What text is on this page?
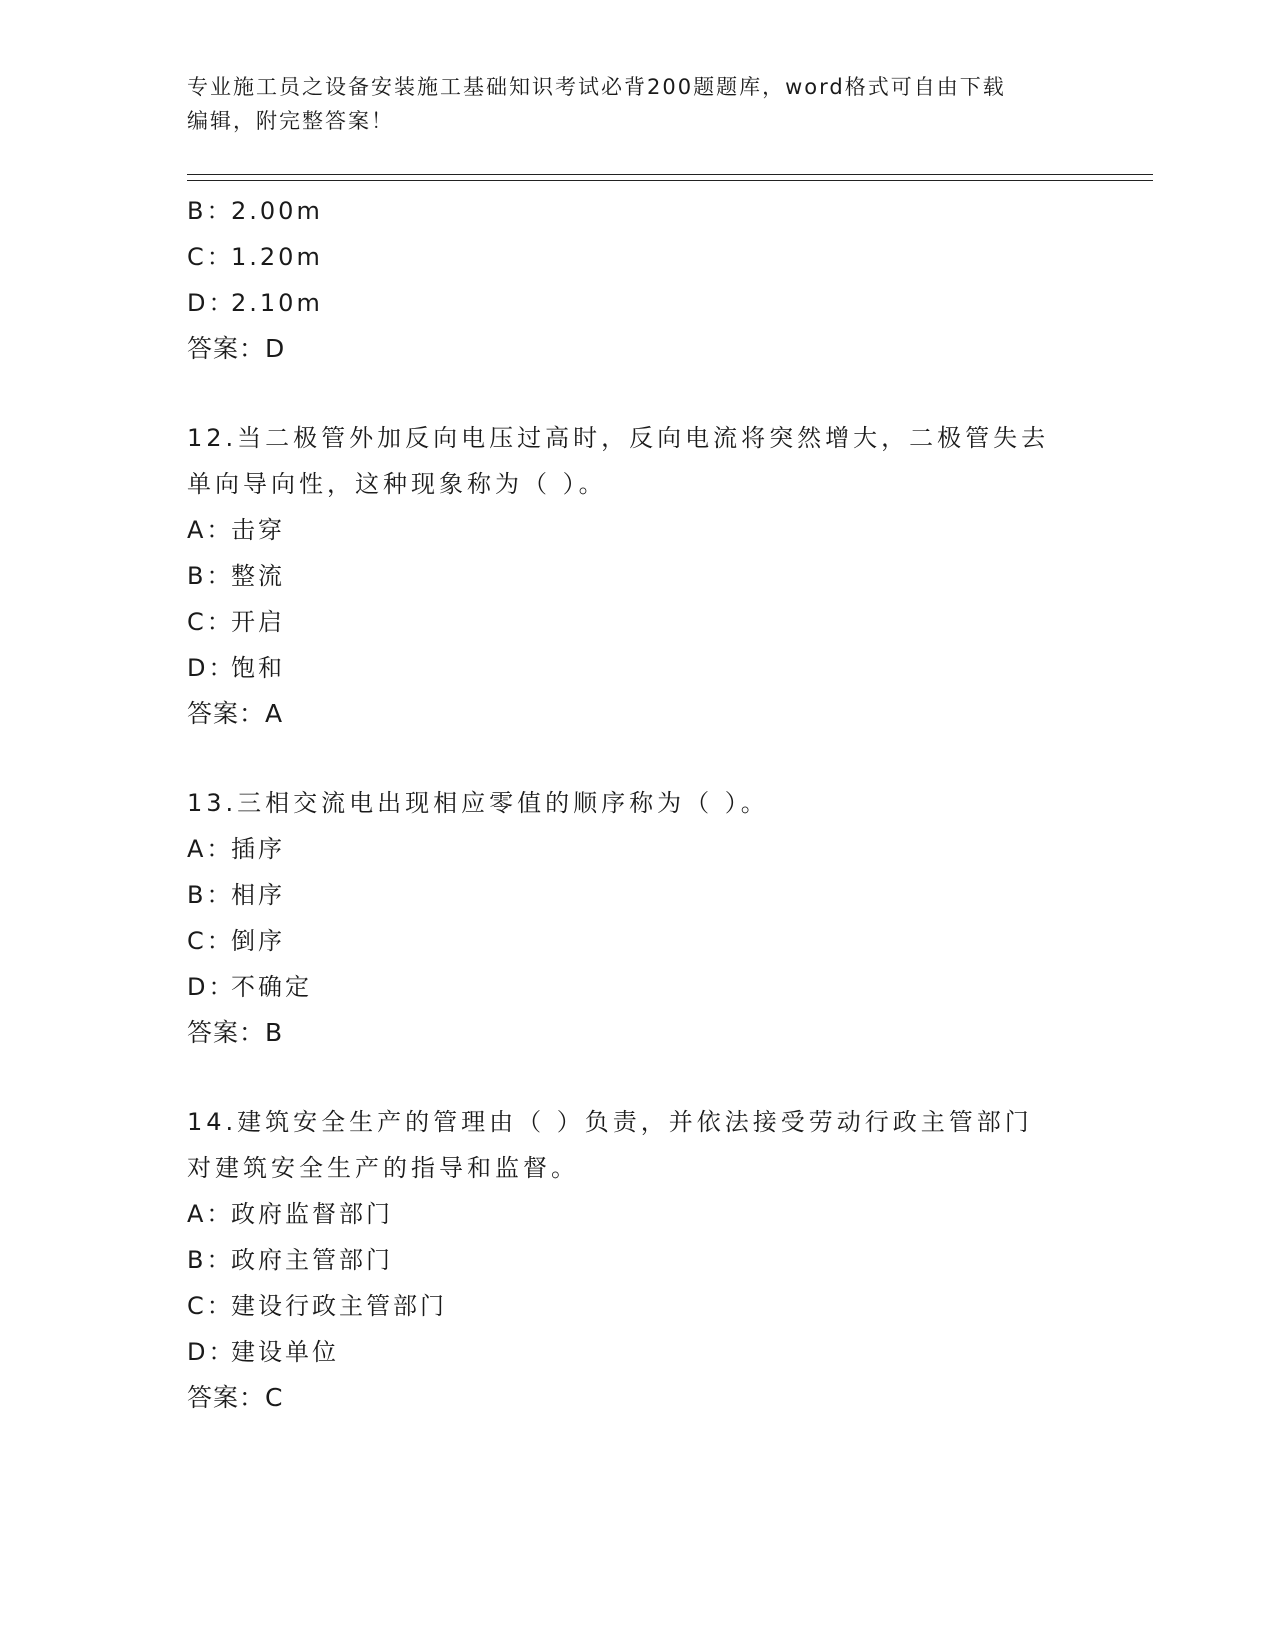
专业施工员之设备安装施工基础知识考试必背200题题库，word格式可自由下载
编辑，附完整答案！
B：2.00m
C：1.20m
D：2.10m
答案：D
12.当二极管外加反向电压过高时，反向电流将突然增大，二极管失去
单向导向性，这种现象称为（ ）。
A：击穿
B：整流
C：开启
D：饱和
答案：A
13.三相交流电出现相应零值的顺序称为（ ）。
A：插序
B：相序
C：倒序
D：不确定
答案：B
14.建筑安全生产的管理由（ ）负责，并依法接受劳动行政主管部门
对建筑安全生产的指导和监督。
A：政府监督部门
B：政府主管部门
C：建设行政主管部门
D：建设单位
答案：C
